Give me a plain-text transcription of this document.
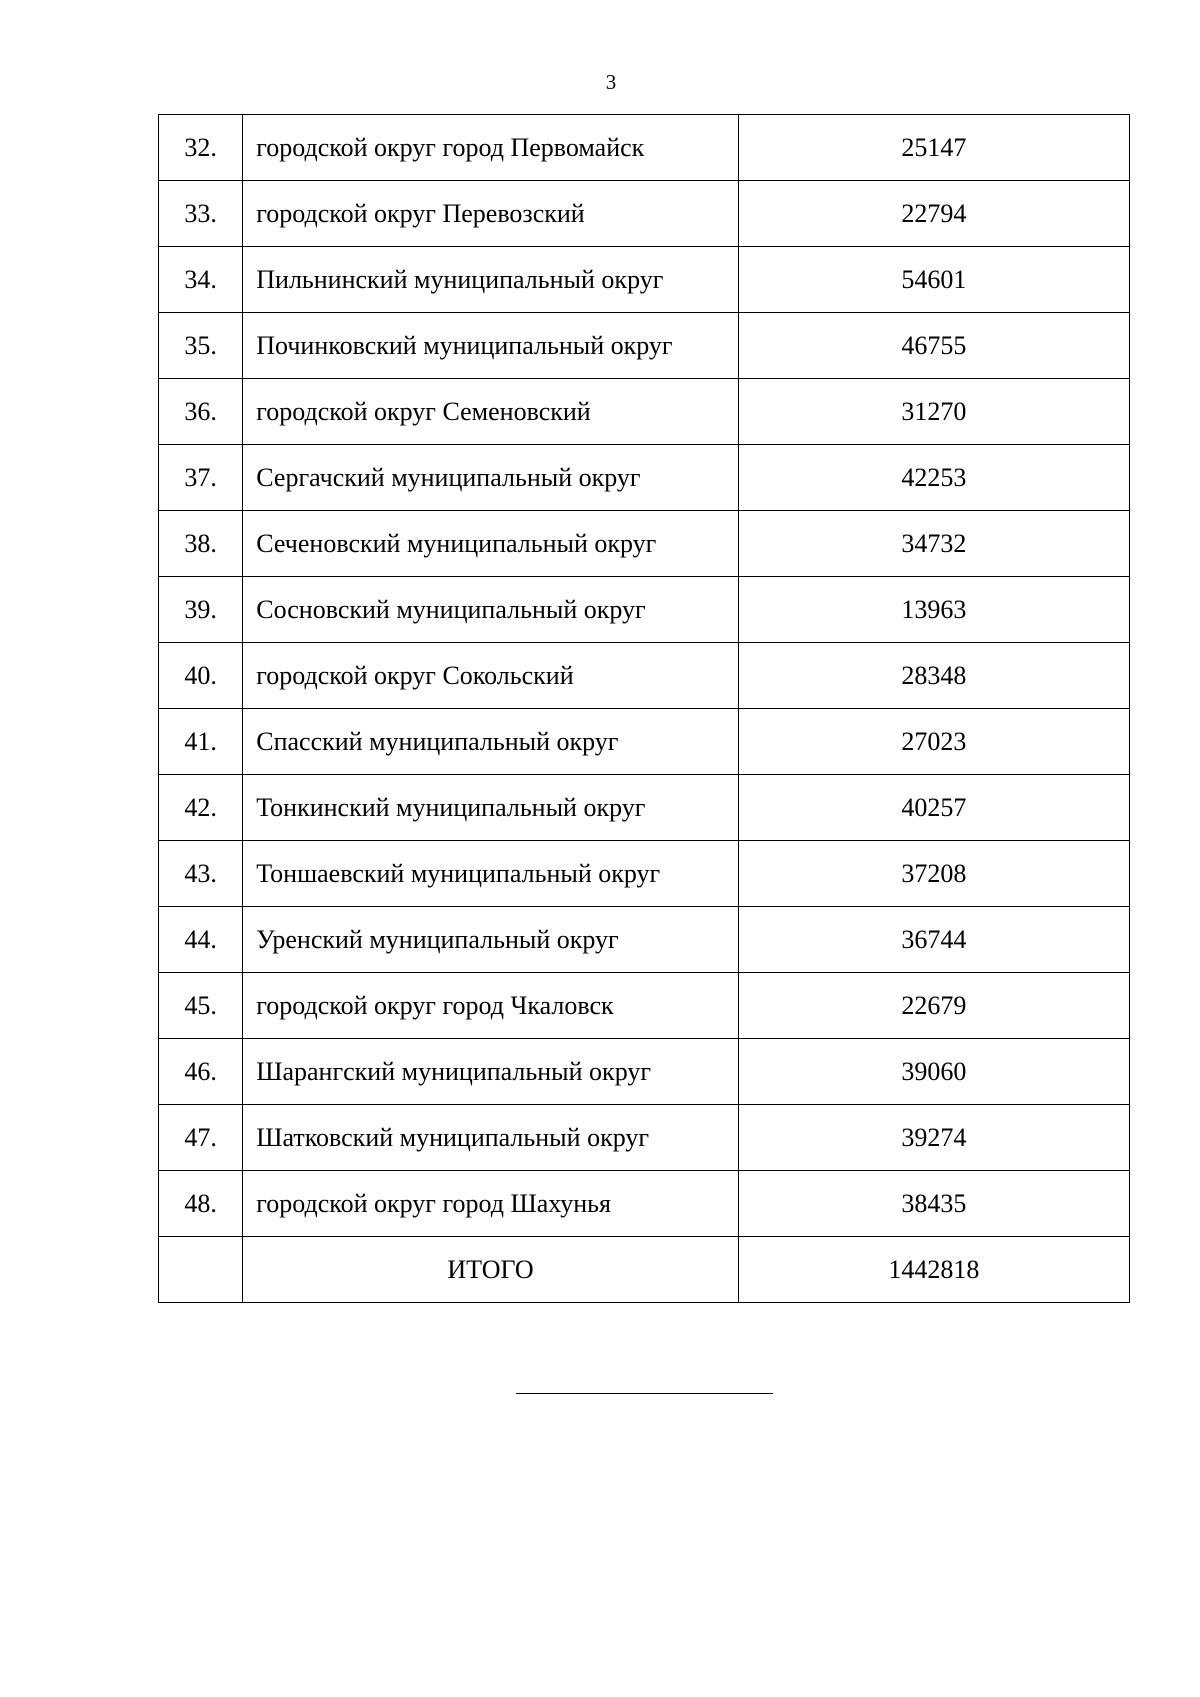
3
32.	городской округ город Первомайск	25147
33.	городской округ Перевозский	22794
34.	Пильнинский муниципальный округ	54601
35.	Починковский муниципальный округ	46755
36.	городской округ Семеновский	31270
37.	Сергачский муниципальный округ	42253
38.	Сеченовский муниципальный округ	34732
39.	Сосновский муниципальный округ	13963
40.	городской округ Сокольский	28348
41.	Спасский муниципальный округ	27023
42.	Тонкинский муниципальный округ	40257
43.	Тоншаевский муниципальный округ	37208
44.	Уренский муниципальный округ	36744
45.	городской округ город Чкаловск	22679
46.	Шарангский муниципальный округ	39060
47.	Шатковский муниципальный округ	39274
48.	городской округ город Шахунья	38435
	ИТОГО	1442818
